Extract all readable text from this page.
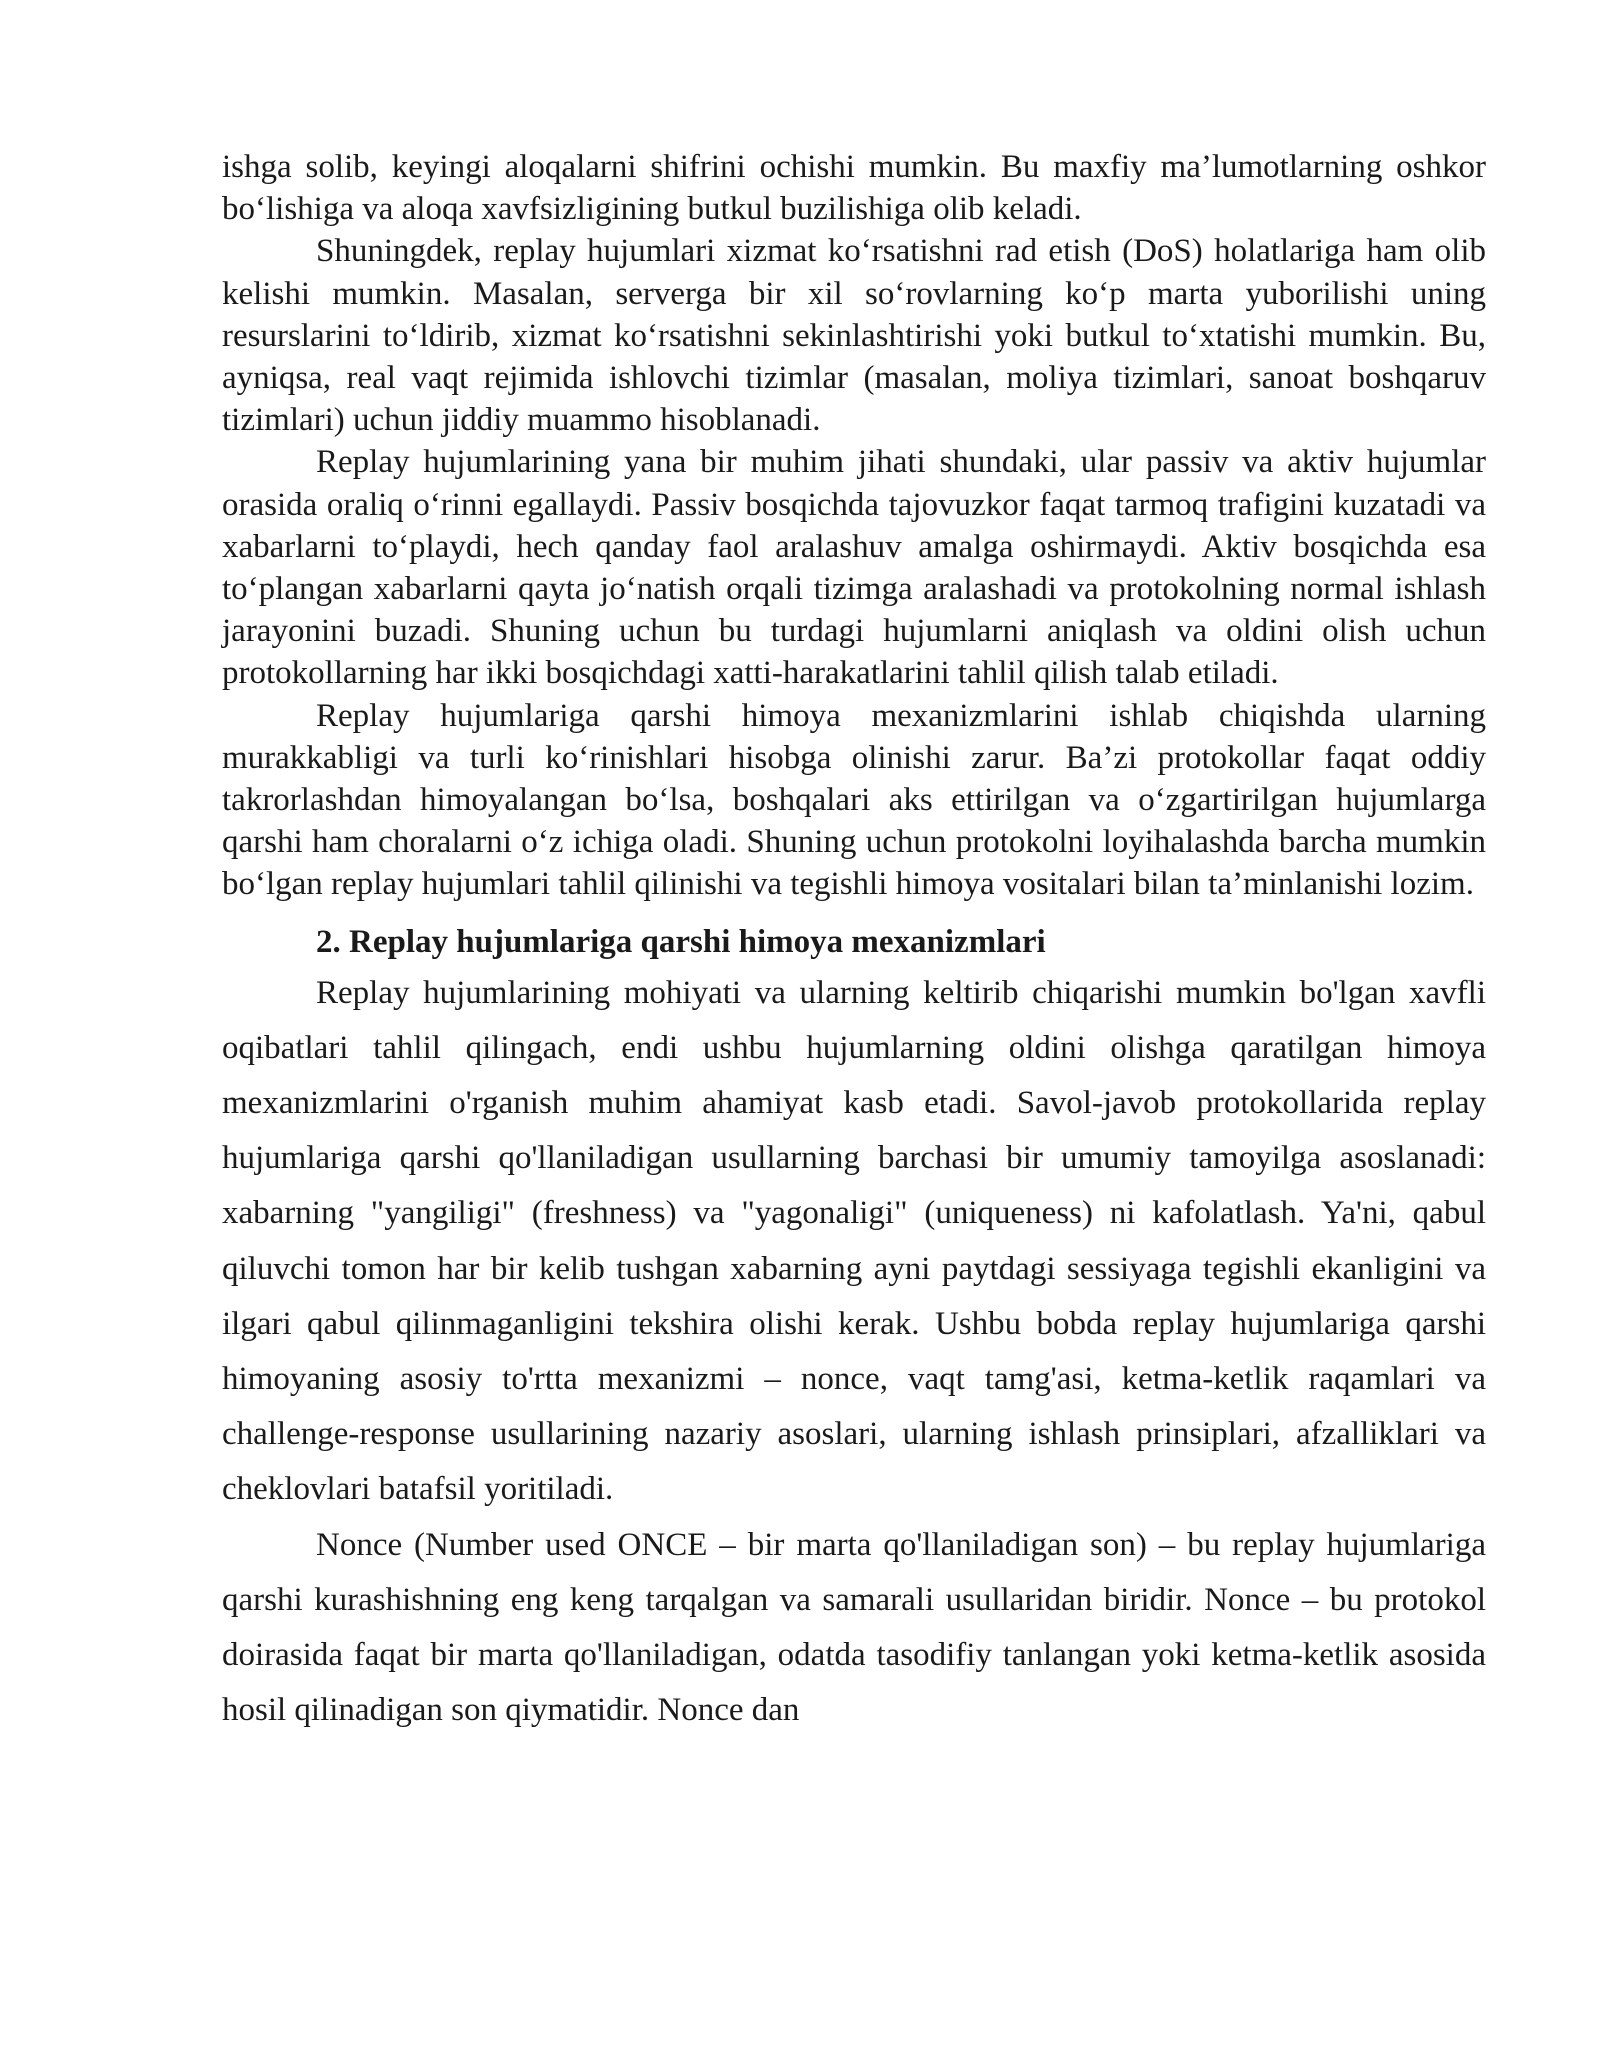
ishga solib, keyingi aloqalarni shifrini ochishi mumkin. Bu maxfiy ma’lumotlarning oshkor bo‘lishiga va aloqa xavfsizligining butkul buzilishiga olib keladi.

Shuningdek, replay hujumlari xizmat ko‘rsatishni rad etish (DoS) holatlariga ham olib kelishi mumkin. Masalan, serverga bir xil so‘rovlarning ko‘p marta yuborilishi uning resurslarini to‘ldirib, xizmat ko‘rsatishni sekinlashtirishi yoki butkul to‘xtatishi mumkin. Bu, ayniqsa, real vaqt rejimida ishlovchi tizimlar (masalan, moliya tizimlari, sanoat boshqaruv tizimlari) uchun jiddiy muammo hisoblanadi.

Replay hujumlarining yana bir muhim jihati shundaki, ular passiv va aktiv hujumlar orasida oraliq o‘rinni egallaydi. Passiv bosqichda tajovuzkor faqat tarmoq trafigini kuzatadi va xabarlarni to‘playdi, hech qanday faol aralashuv amalga oshirmaydi. Aktiv bosqichda esa to‘plangan xabarlarni qayta jo‘natish orqali tizimga aralashadi va protokolning normal ishlash jarayonini buzadi. Shuning uchun bu turdagi hujumlarni aniqlash va oldini olish uchun protokollarning har ikki bosqichdagi xatti-harakatlarini tahlil qilish talab etiladi.

Replay hujumlariga qarshi himoya mexanizmlarini ishlab chiqishda ularning murakkabligi va turli ko‘rinishlari hisobga olinishi zarur. Ba’zi protokollar faqat oddiy takrorlashdan himoyalangan bo‘lsa, boshqalari aks ettirilgan va o‘zgartirilgan hujumlarga qarshi ham choralarni o‘z ichiga oladi. Shuning uchun protokolni loyihalashda barcha mumkin bo‘lgan replay hujumlari tahlil qilinishi va tegishli himoya vositalari bilan ta’minlanishi lozim.

2. Replay hujumlariga qarshi himoya mexanizmlari

Replay hujumlarining mohiyati va ularning keltirib chiqarishi mumkin bo'lgan xavfli oqibatlari tahlil qilingach, endi ushbu hujumlarning oldini olishga qaratilgan himoya mexanizmlarini o'rganish muhim ahamiyat kasb etadi. Savol-javob protokollarida replay hujumlariga qarshi qo'llaniladigan usullarning barchasi bir umumiy tamoyilga asoslanadi: xabarning "yangiligi" (freshness) va "yagonaligi" (uniqueness) ni kafolatlash. Ya'ni, qabul qiluvchi tomon har bir kelib tushgan xabarning ayni paytdagi sessiyaga tegishli ekanligini va ilgari qabul qilinmaganligini tekshira olishi kerak. Ushbu bobda replay hujumlariga qarshi himoyaning asosiy to'rtta mexanizmi – nonce, vaqt tamg'asi, ketma-ketlik raqamlari va challenge-response usullarining nazariy asoslari, ularning ishlash prinsiplari, afzalliklari va cheklovlari batafsil yoritiladi.

Nonce (Number used ONCE – bir marta qo'llaniladigan son) – bu replay hujumlariga qarshi kurashishning eng keng tarqalgan va samarali usullaridan biridir. Nonce – bu protokol doirasida faqat bir marta qo'llaniladigan, odatda tasodifiy tanlangan yoki ketma-ketlik asosida hosil qilinadigan son qiymatidir. Nonce dan
